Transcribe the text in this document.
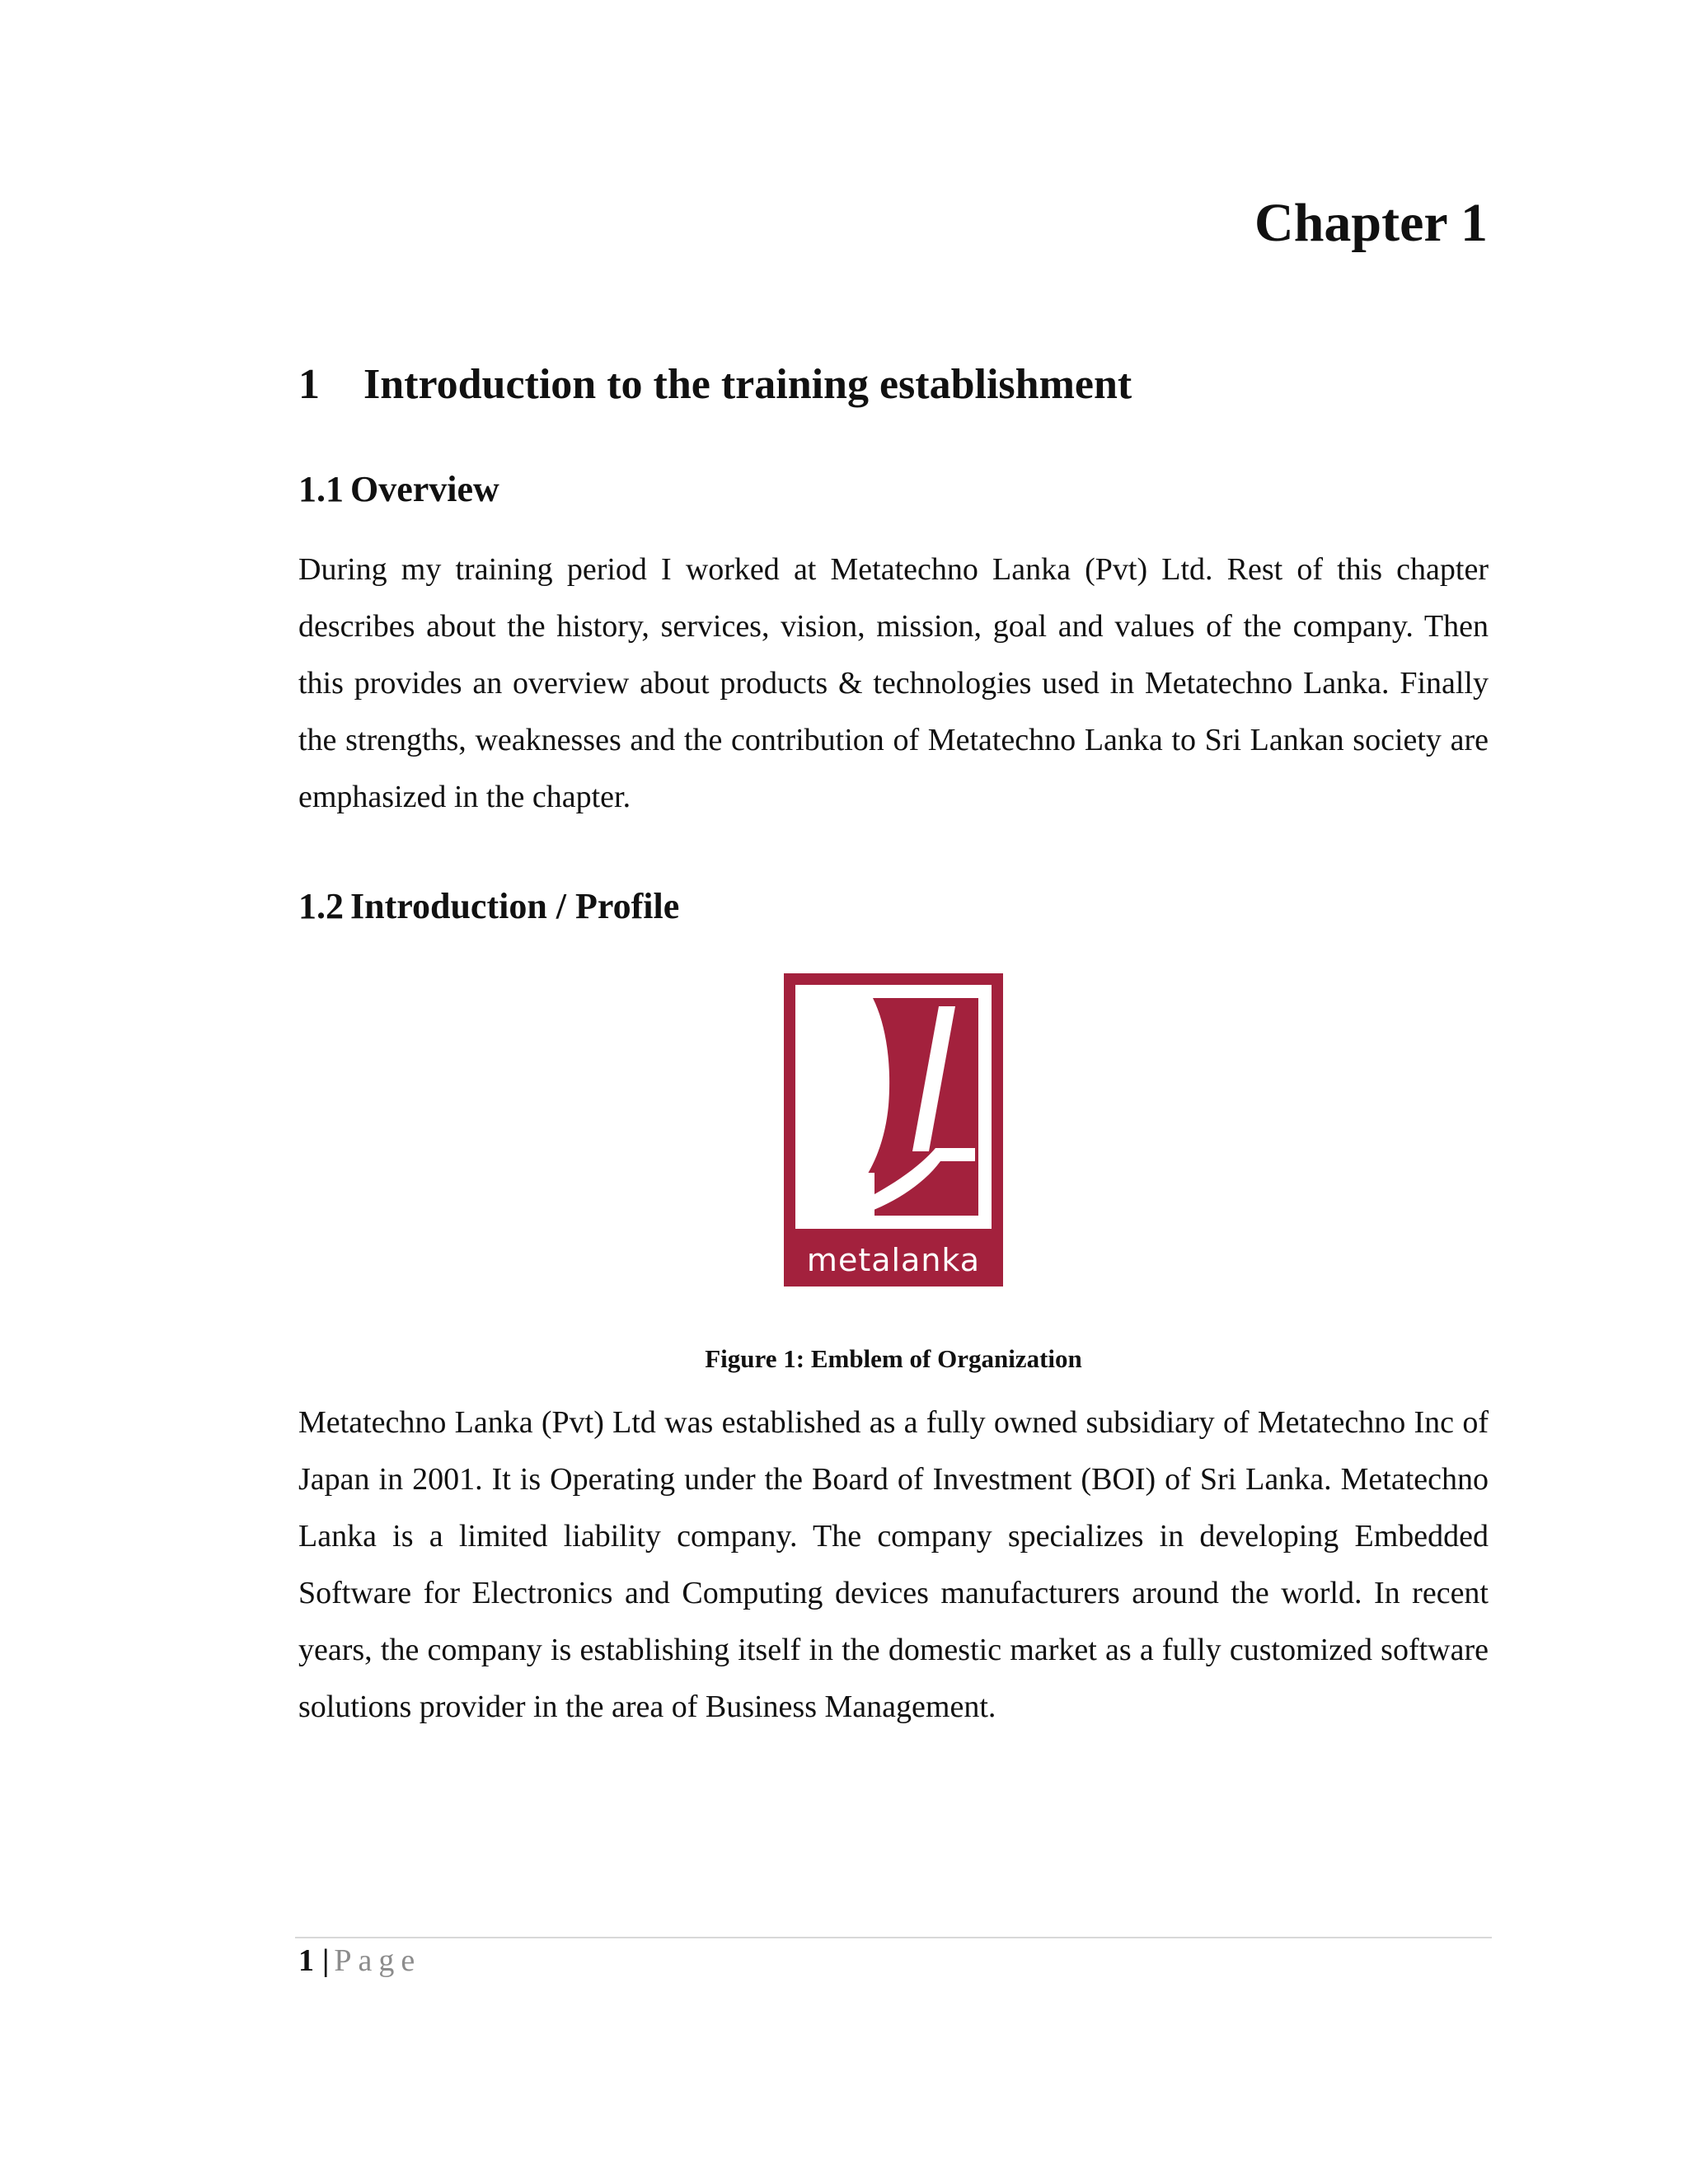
Chapter 1
1 Introduction to the training establishment
1.1 Overview

During my training period I worked at Metatechno Lanka (Pvt) Ltd. Rest of this chapter describes about the history, services, vision, mission, goal and values of the company. Then this provides an overview about products & technologies used in Metatechno Lanka. Finally the strengths, weaknesses and the contribution of Metatechno Lanka to Sri Lankan society are emphasized in the chapter.

1.2 Introduction / Profile
metalanka

Figure 1: Emblem of Organization

Metatechno Lanka (Pvt) Ltd was established as a fully owned subsidiary of Metatechno Inc of Japan in 2001. It is Operating under the Board of Investment (BOI) of Sri Lanka. Metatechno Lanka is a limited liability company. The company specializes in developing Embedded Software for Electronics and Computing devices manufacturers around the world. In recent years, the company is establishing itself in the domestic market as a fully customized software solutions provider in the area of Business Management.

1 | Page
